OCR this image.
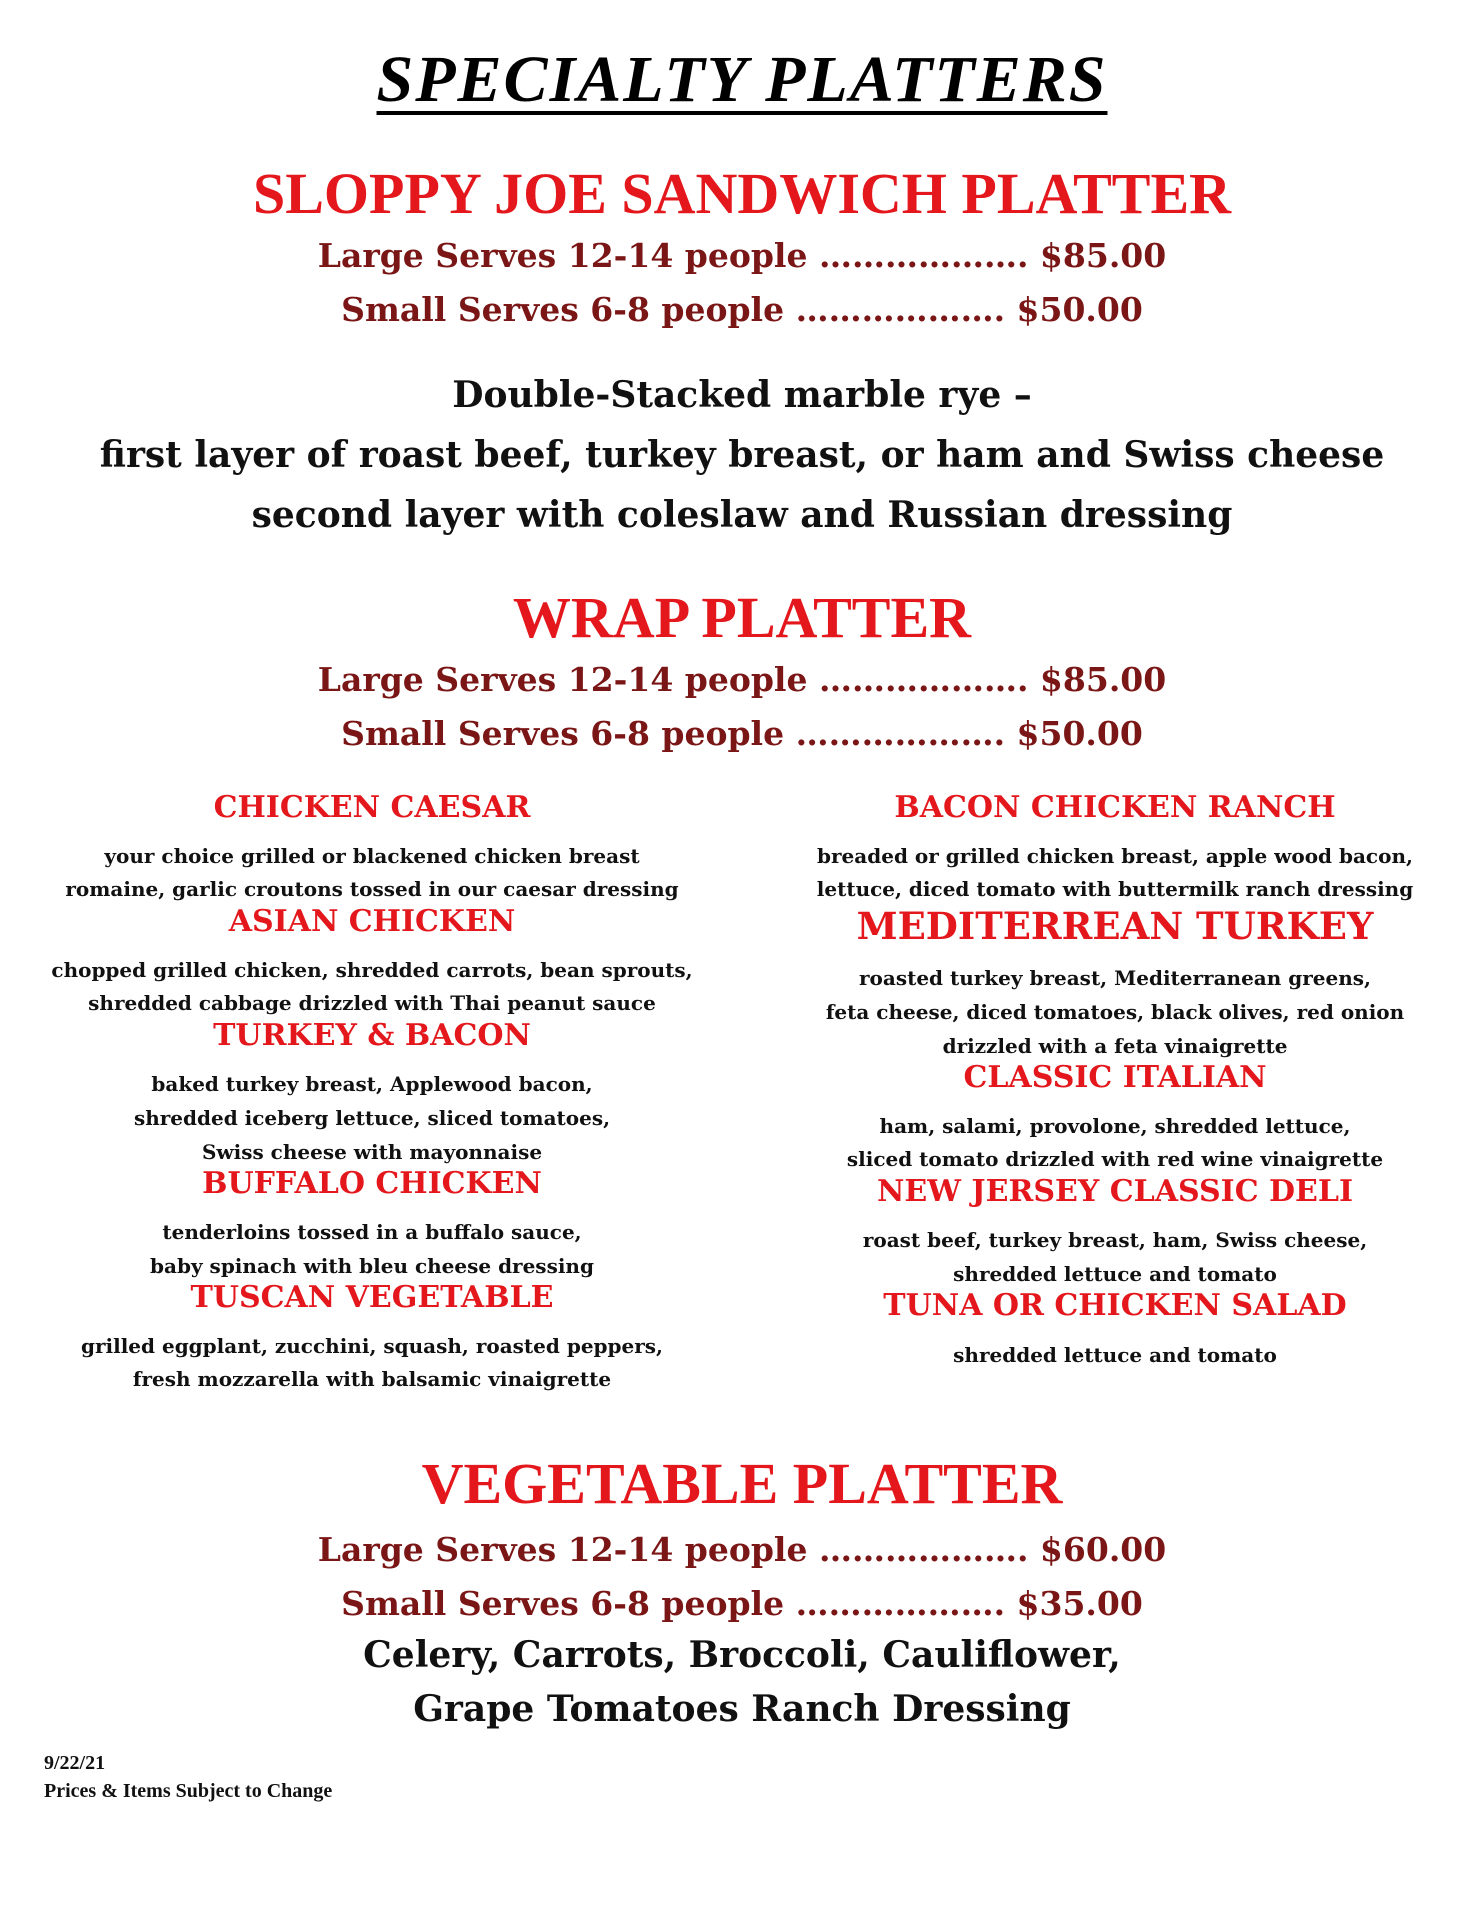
SPECIALTY PLATTERS
SLOPPY JOE SANDWICH PLATTER
Large Serves 12-14 people ………………. $85.00
Small Serves 6-8 people ………………. $50.00
Double-Stacked marble rye –
first layer of roast beef, turkey breast, or ham and Swiss cheese
second layer with coleslaw and Russian dressing
WRAP PLATTER
Large Serves 12-14 people ………………. $85.00
Small Serves 6-8 people ………………. $50.00
CHICKEN CAESAR
your choice grilled or blackened chicken breast
romaine, garlic croutons tossed in our caesar dressing
ASIAN CHICKEN
chopped grilled chicken, shredded carrots, bean sprouts,
shredded cabbage drizzled with Thai peanut sauce
TURKEY & BACON
baked turkey breast, Applewood bacon,
shredded iceberg lettuce, sliced tomatoes,
Swiss cheese with mayonnaise
BUFFALO CHICKEN
tenderloins tossed in a buffalo sauce,
baby spinach with bleu cheese dressing
TUSCAN VEGETABLE
grilled eggplant, zucchini, squash, roasted peppers,
fresh mozzarella with balsamic vinaigrette
BACON CHICKEN RANCH
breaded or grilled chicken breast, apple wood bacon,
lettuce, diced tomato with buttermilk ranch dressing
MEDITERREAN TURKEY
roasted turkey breast, Mediterranean greens,
feta cheese, diced tomatoes, black olives, red onion
drizzled with a feta vinaigrette
CLASSIC ITALIAN
ham, salami, provolone, shredded lettuce,
sliced tomato drizzled with red wine vinaigrette
NEW JERSEY CLASSIC DELI
roast beef, turkey breast, ham, Swiss cheese,
shredded lettuce and tomato
TUNA OR CHICKEN SALAD
shredded lettuce and tomato
VEGETABLE PLATTER
Large Serves 12-14 people ………………. $60.00
Small Serves 6-8 people ………………. $35.00
Celery, Carrots, Broccoli, Cauliflower,
Grape Tomatoes Ranch Dressing
9/22/21
Prices & Items Subject to Change
